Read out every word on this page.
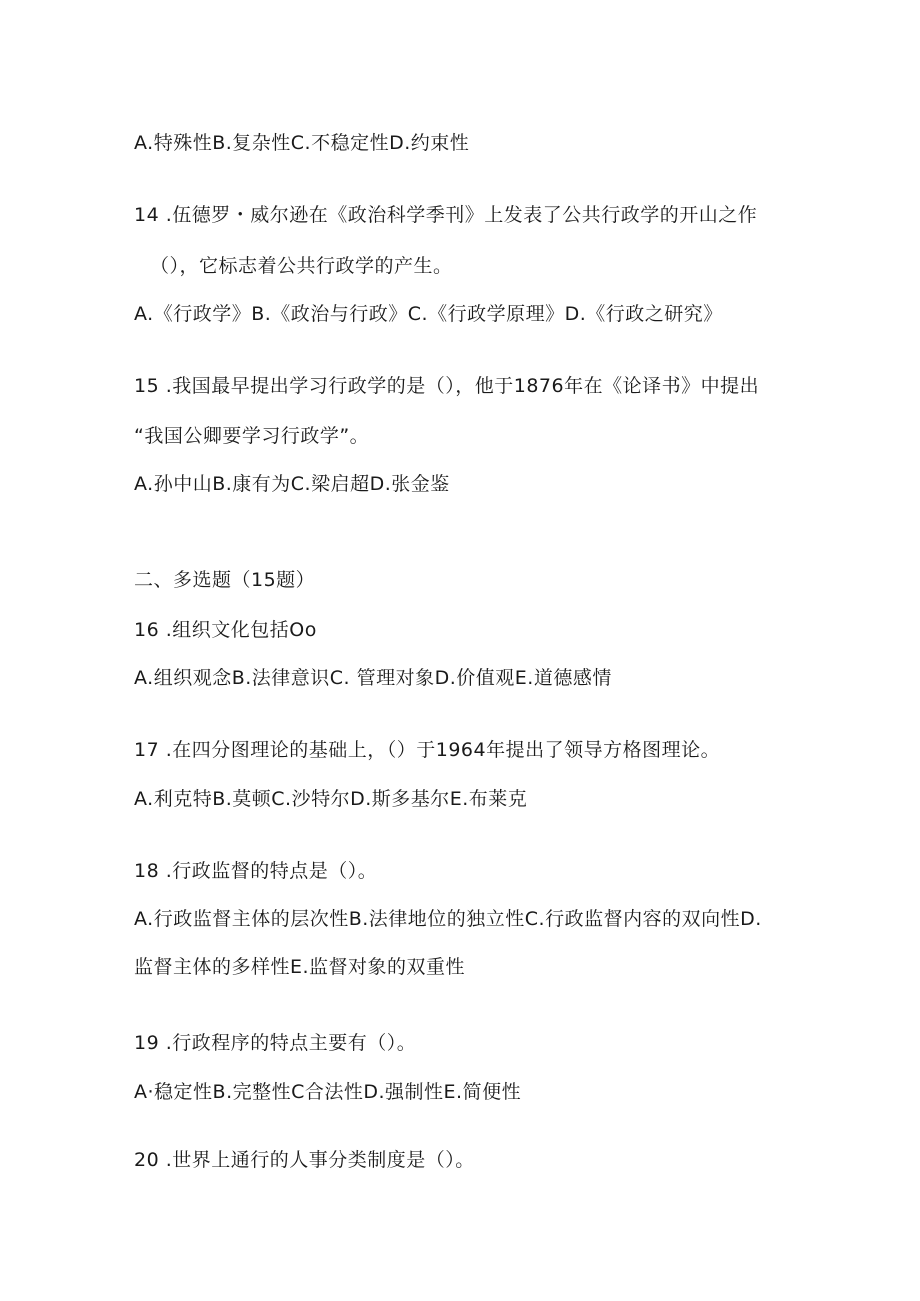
A.特殊性B.复杂性C.不稳定性D.约束性
14 .伍德罗・威尔逊在《政治科学季刊》上发表了公共行政学的开山之作
（），它标志着公共行政学的产生。
A.《行政学》B.《政治与行政》C.《行政学原理》D.《行政之研究》
15 .我国最早提出学习行政学的是（），他于1876年在《论译书》中提出
“我国公卿要学习行政学”。
A.孙中山B.康有为C.梁启超D.张金鉴
二、多选题（15题）
16 .组织文化包括Oo
A.组织观念B.法律意识C. 管理对象D.价值观E.道德感情
17 .在四分图理论的基础上，（）于1964年提出了领导方格图理论。
A.利克特B.莫顿C.沙特尔D.斯多基尔E.布莱克
18 .行政监督的特点是（）。
A.行政监督主体的层次性B.法律地位的独立性C.行政监督内容的双向性D.
监督主体的多样性E.监督对象的双重性
19 .行政程序的特点主要有（）。
A·稳定性B.完整性C合法性D.强制性E.简便性
20 .世界上通行的人事分类制度是（）。
